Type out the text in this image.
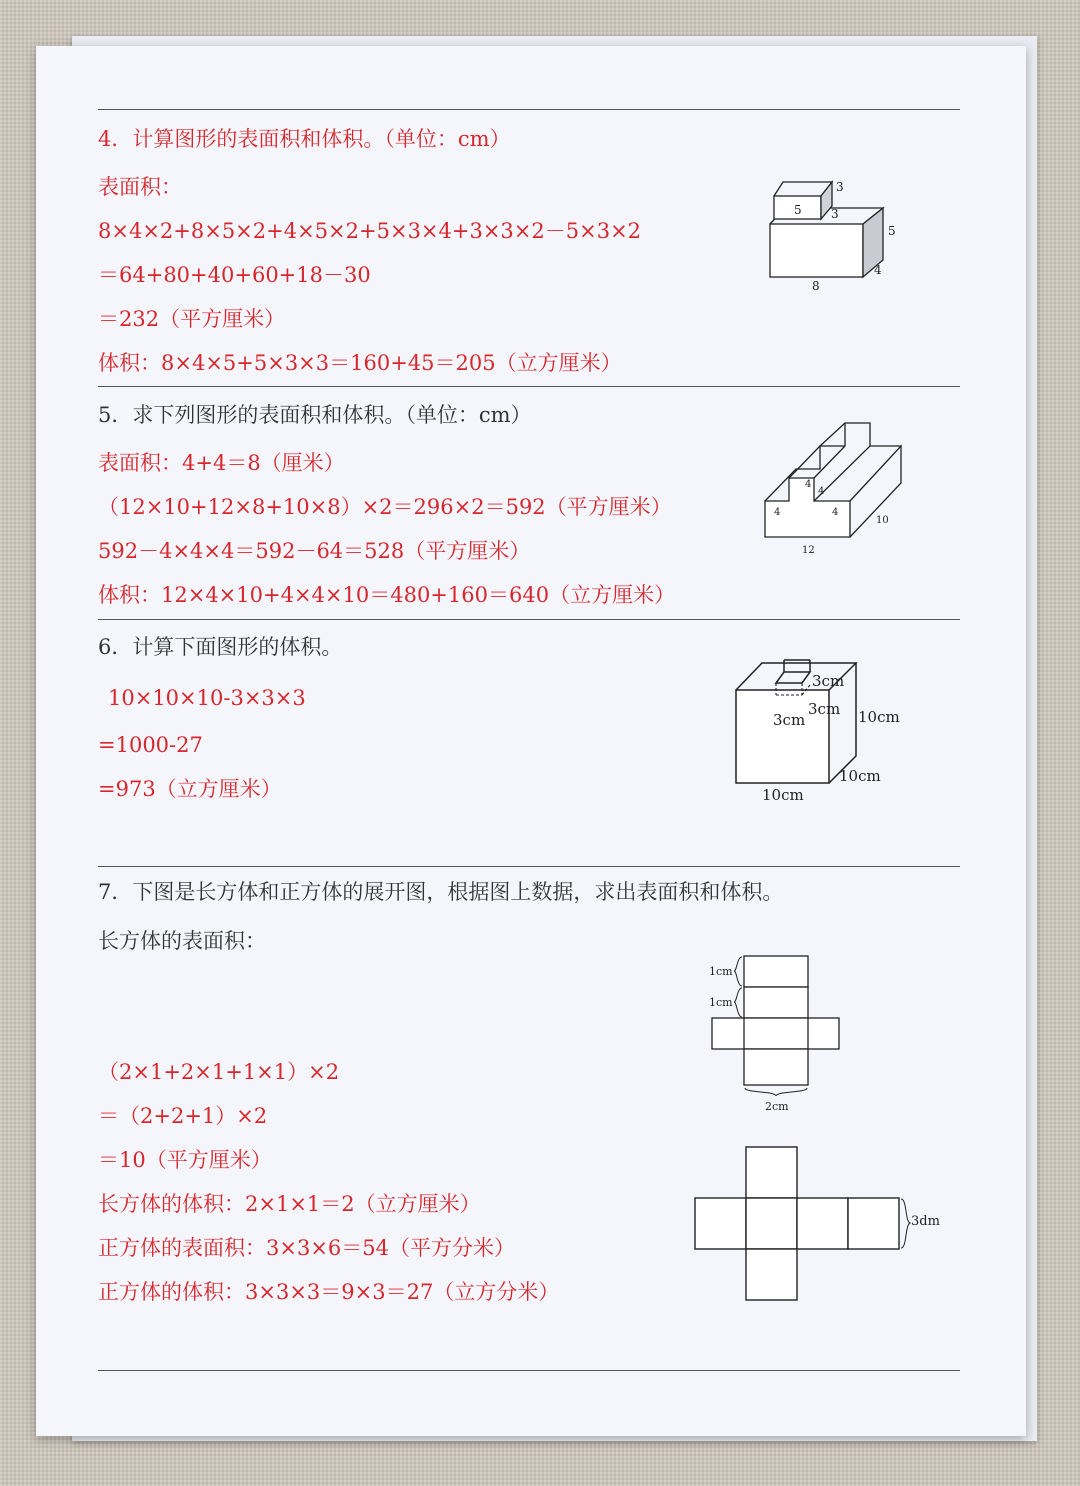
4．计算图形的表面积和体积。（单位：cm）
表面积：
8×4×2+8×5×2+4×5×2+5×3×4+3×3×2－5×3×2
＝64+80+40+60+18－30
＝232（平方厘米）
体积：8×4×5+5×3×3＝160+45＝205（立方厘米）
3
5 3
5
4
8
5．求下列图形的表面积和体积。（单位：cm）
表面积：4+4＝8（厘米）
（12×10+12×8+10×8）×2＝296×2＝592（平方厘米）
592－4×4×4＝592－64＝528（平方厘米）
体积：12×4×10+4×4×10＝480+160＝640（立方厘米）
4
4
4
4
10
12
6．计算下面图形的体积。
10×10×10-3×3×3
=1000-27
=973（立方厘米）
3cm
3cm
3cm	10cm
10cm
10cm
7．下图是长方体和正方体的展开图，根据图上数据，求出表面积和体积。
长方体的表面积：
（2×1+2×1+1×1）×2
＝（2+2+1）×2
＝10（平方厘米）
长方体的体积：2×1×1＝2（立方厘米）
正方体的表面积：3×3×6＝54（平方分米）
正方体的体积：3×3×3＝9×3＝27（立方分米）
1cm
1cm
2cm
3dm
